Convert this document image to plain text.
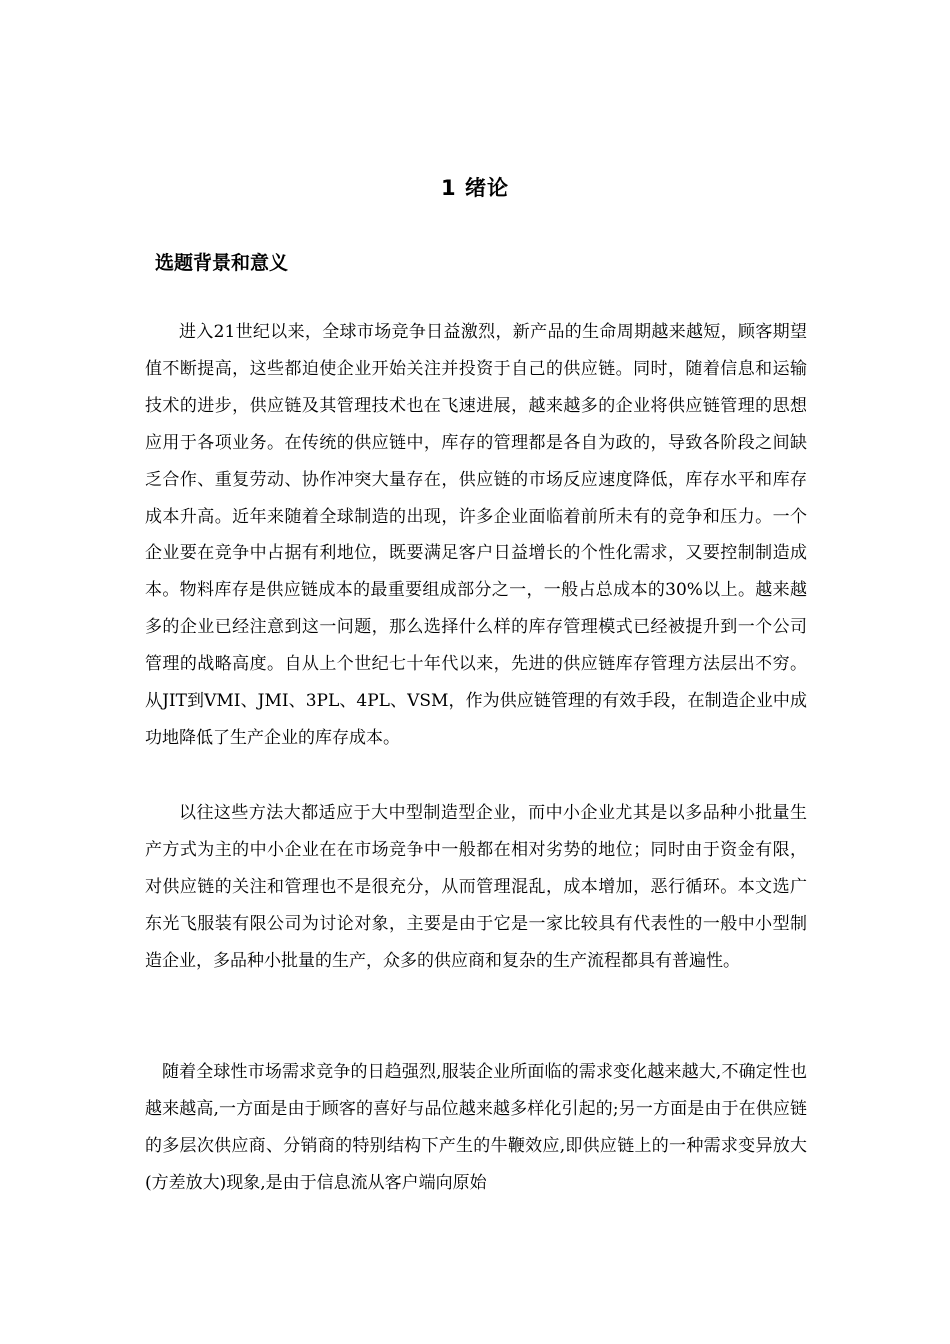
1 绪论
选题背景和意义

进入21世纪以来，全球市场竞争日益激烈，新产品的生命周期越来越短，顾客期望值不断提高，这些都迫使企业开始关注并投资于自己的供应链。同时，随着信息和运输技术的进步，供应链及其管理技术也在飞速进展，越来越多的企业将供应链管理的思想应用于各项业务。在传统的供应链中，库存的管理都是各自为政的，导致各阶段之间缺乏合作、重复劳动、协作冲突大量存在，供应链的市场反应速度降低，库存水平和库存成本升高。近年来随着全球制造的出现，许多企业面临着前所未有的竞争和压力。一个企业要在竞争中占据有利地位，既要满足客户日益增长的个性化需求，又要控制制造成本。物料库存是供应链成本的最重要组成部分之一，一般占总成本的30%以上。越来越多的企业已经注意到这一问题，那么选择什么样的库存管理模式已经被提升到一个公司管理的战略高度。自从上个世纪七十年代以来，先进的供应链库存管理方法层出不穷。从JIT到VMI、JMI、3PL、4PL、VSM，作为供应链管理的有效手段，在制造企业中成功地降低了生产企业的库存成本。

以往这些方法大都适应于大中型制造型企业，而中小企业尤其是以多品种小批量生产方式为主的中小企业在在市场竞争中一般都在相对劣势的地位；同时由于资金有限，对供应链的关注和管理也不是很充分，从而管理混乱，成本增加，恶行循环。本文选广东光飞服装有限公司为讨论对象，主要是由于它是一家比较具有代表性的一般中小型制造企业，多品种小批量的生产，众多的供应商和复杂的生产流程都具有普遍性。

随着全球性市场需求竞争的日趋强烈,服装企业所面临的需求变化越来越大,不确定性也越来越高,一方面是由于顾客的喜好与品位越来越多样化引起的;另一方面是由于在供应链的多层次供应商、分销商的特别结构下产生的牛鞭效应,即供应链上的一种需求变异放大(方差放大)现象,是由于信息流从客户端向原始
